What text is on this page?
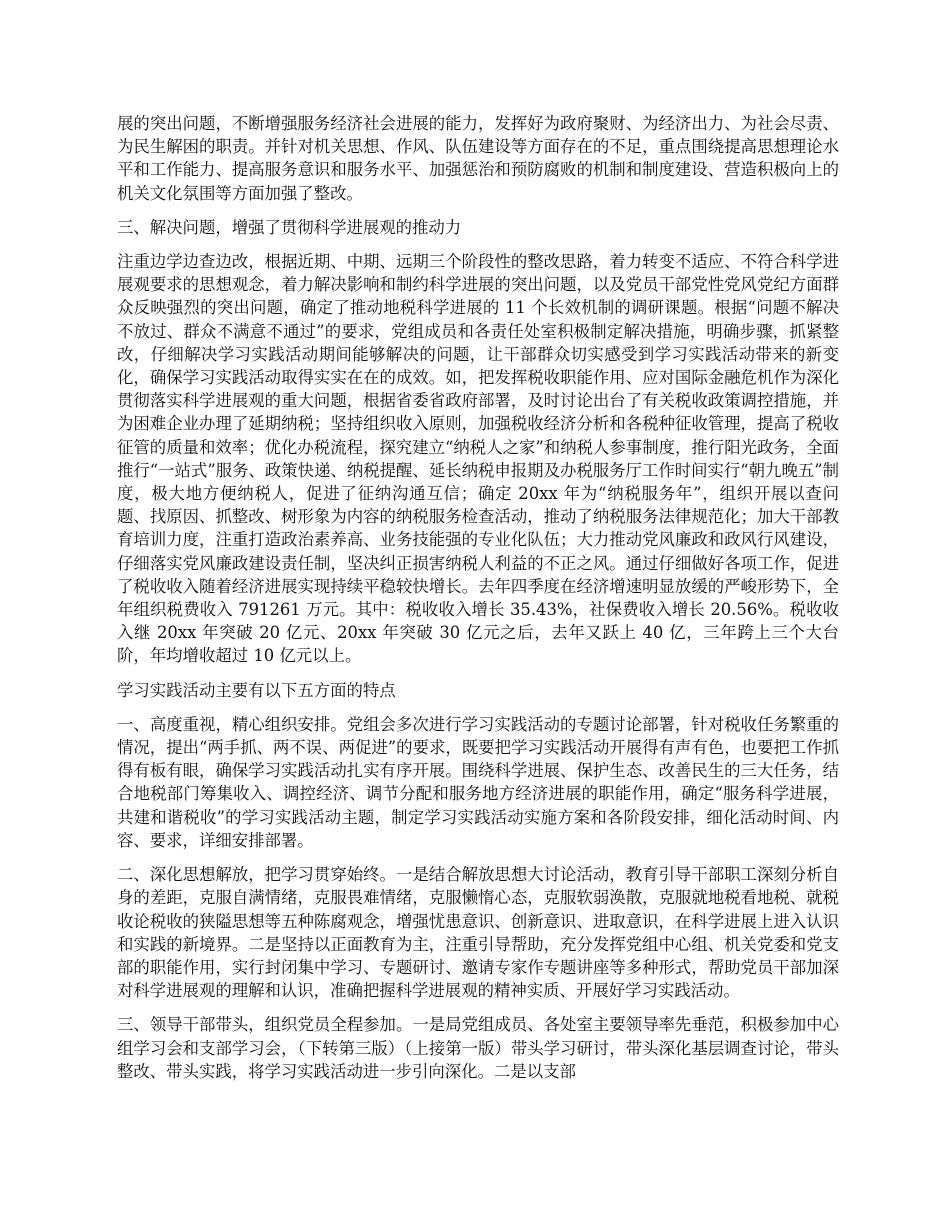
展的突出问题，不断增强服务经济社会进展的能力，发挥好为政府聚财、为经济出力、为社会尽责、为民生解困的职责。并针对机关思想、作风、队伍建设等方面存在的不足，重点围绕提高思想理论水平和工作能力、提高服务意识和服务水平、加强惩治和预防腐败的机制和制度建设、营造积极向上的机关文化氛围等方面加强了整改。

三、解决问题，增强了贯彻科学进展观的推动力

注重边学边查边改，根据近期、中期、远期三个阶段性的整改思路，着力转变不适应、不符合科学进展观要求的思想观念，着力解决影响和制约科学进展的突出问题，以及党员干部党性党风党纪方面群众反映强烈的突出问题，确定了推动地税科学进展的 11 个长效机制的调研课题。根据“问题不解决不放过、群众不满意不通过”的要求，党组成员和各责任处室积极制定解决措施，明确步骤，抓紧整改，仔细解决学习实践活动期间能够解决的问题，让干部群众切实感受到学习实践活动带来的新变化，确保学习实践活动取得实实在在的成效。如，把发挥税收职能作用、应对国际金融危机作为深化贯彻落实科学进展观的重大问题，根据省委省政府部署，及时讨论出台了有关税收政策调控措施，并为困难企业办理了延期纳税；坚持组织收入原则，加强税收经济分析和各税种征收管理，提高了税收征管的质量和效率；优化办税流程，探究建立“纳税人之家”和纳税人参事制度，推行阳光政务，全面推行“一站式”服务、政策快递、纳税提醒、延长纳税申报期及办税服务厅工作时间实行“朝九晚五”制度，极大地方便纳税人，促进了征纳沟通互信；确定 20xx 年为“纳税服务年”，组织开展以查问题、找原因、抓整改、树形象为内容的纳税服务检查活动，推动了纳税服务法律规范化；加大干部教育培训力度，注重打造政治素养高、业务技能强的专业化队伍；大力推动党风廉政和政风行风建设，仔细落实党风廉政建设责任制，坚决纠正损害纳税人利益的不正之风。通过仔细做好各项工作，促进了税收收入随着经济进展实现持续平稳较快增长。去年四季度在经济增速明显放缓的严峻形势下，全年组织税费收入 791261 万元。其中：税收收入增长 35.43%，社保费收入增长 20.56%。税收收入继 20xx 年突破 20 亿元、20xx 年突破 30 亿元之后，去年又跃上 40 亿，三年跨上三个大台阶，年均增收超过 10 亿元以上。

学习实践活动主要有以下五方面的特点

一、高度重视，精心组织安排。党组会多次进行学习实践活动的专题讨论部署，针对税收任务繁重的情况，提出“两手抓、两不误、两促进”的要求，既要把学习实践活动开展得有声有色，也要把工作抓得有板有眼，确保学习实践活动扎实有序开展。围绕科学进展、保护生态、改善民生的三大任务，结合地税部门筹集收入、调控经济、调节分配和服务地方经济进展的职能作用，确定“服务科学进展，共建和谐税收”的学习实践活动主题，制定学习实践活动实施方案和各阶段安排，细化活动时间、内容、要求，详细安排部署。

二、深化思想解放，把学习贯穿始终。一是结合解放思想大讨论活动，教育引导干部职工深刻分析自身的差距，克服自满情绪，克服畏难情绪，克服懒惰心态，克服软弱涣散，克服就地税看地税、就税收论税收的狭隘思想等五种陈腐观念，增强忧患意识、创新意识、进取意识，在科学进展上进入认识和实践的新境界。二是坚持以正面教育为主，注重引导帮助，充分发挥党组中心组、机关党委和党支部的职能作用，实行封闭集中学习、专题研讨、邀请专家作专题讲座等多种形式，帮助党员干部加深对科学进展观的理解和认识，准确把握科学进展观的精神实质、开展好学习实践活动。

三、领导干部带头，组织党员全程参加。一是局党组成员、各处室主要领导率先垂范，积极参加中心组学习会和支部学习会，（下转第三版）（上接第一版）带头学习研讨，带头深化基层调查讨论，带头整改、带头实践，将学习实践活动进一步引向深化。二是以支部
